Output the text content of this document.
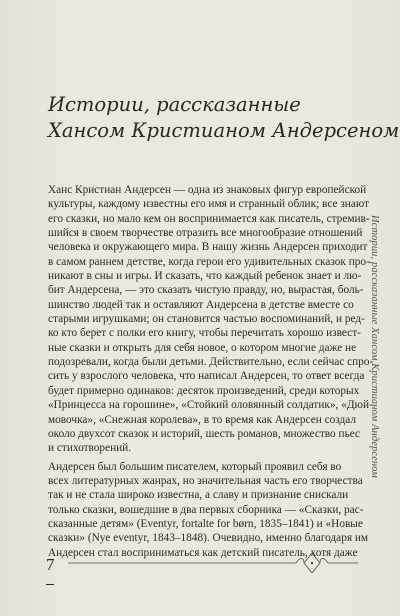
Истории, рассказанные
Хансом Кристианом Андерсеном
Ханс Кристиан Андерсен — одна из знаковых фигур европейской
культуры, каждому известны его имя и странный облик; все знают
его сказки, но мало кем он воспринимается как писатель, стремив-
шийся в своем творчестве отразить все многообразие отношений
человека и окружающего мира. В нашу жизнь Андерсен приходит
в самом раннем детстве, когда герои его удивительных сказок про-
никают в сны и игры. И сказать, что каждый ребенок знает и лю-
бит Андерсена, — это сказать чистую правду, но, вырастая, боль-
шинство людей так и оставляют Андерсена в детстве вместе со
старыми игрушками; он становится частью воспоминаний, и ред-
ко кто берет с полки его книгу, чтобы перечитать хорошо извест-
ные сказки и открыть для себя новое, о котором многие даже не
подозревали, когда были детьми. Действительно, если сейчас спро-
сить у взрослого человека, что написал Андерсен, то ответ всегда
будет примерно одинаков: десяток произведений, среди которых
«Принцесса на горошине», «Стойкий оловянный солдатик», «Дюй-
мовочка», «Снежная королева», в то время как Андерсен создал
около двухсот сказок и историй, шесть романов, множество пьес
и стихотворений.
Андерсен был большим писателем, который проявил себя во
всех литературных жанрах, но значительная часть его творчества
так и не стала широко известна, а славу и признание снискали
только сказки, вошедшие в два первых сборника — «Сказки, рас-
сказанные детям» (Eventyr, fortalte for børn, 1835–1841) и «Новые
сказки» (Nye eventyr, 1843–1848). Очевидно, именно благодаря им
Андерсен стал восприниматься как детский писатель, хотя даже
Истории, рассказанные Хансом Кристианом Андерсеном
7
